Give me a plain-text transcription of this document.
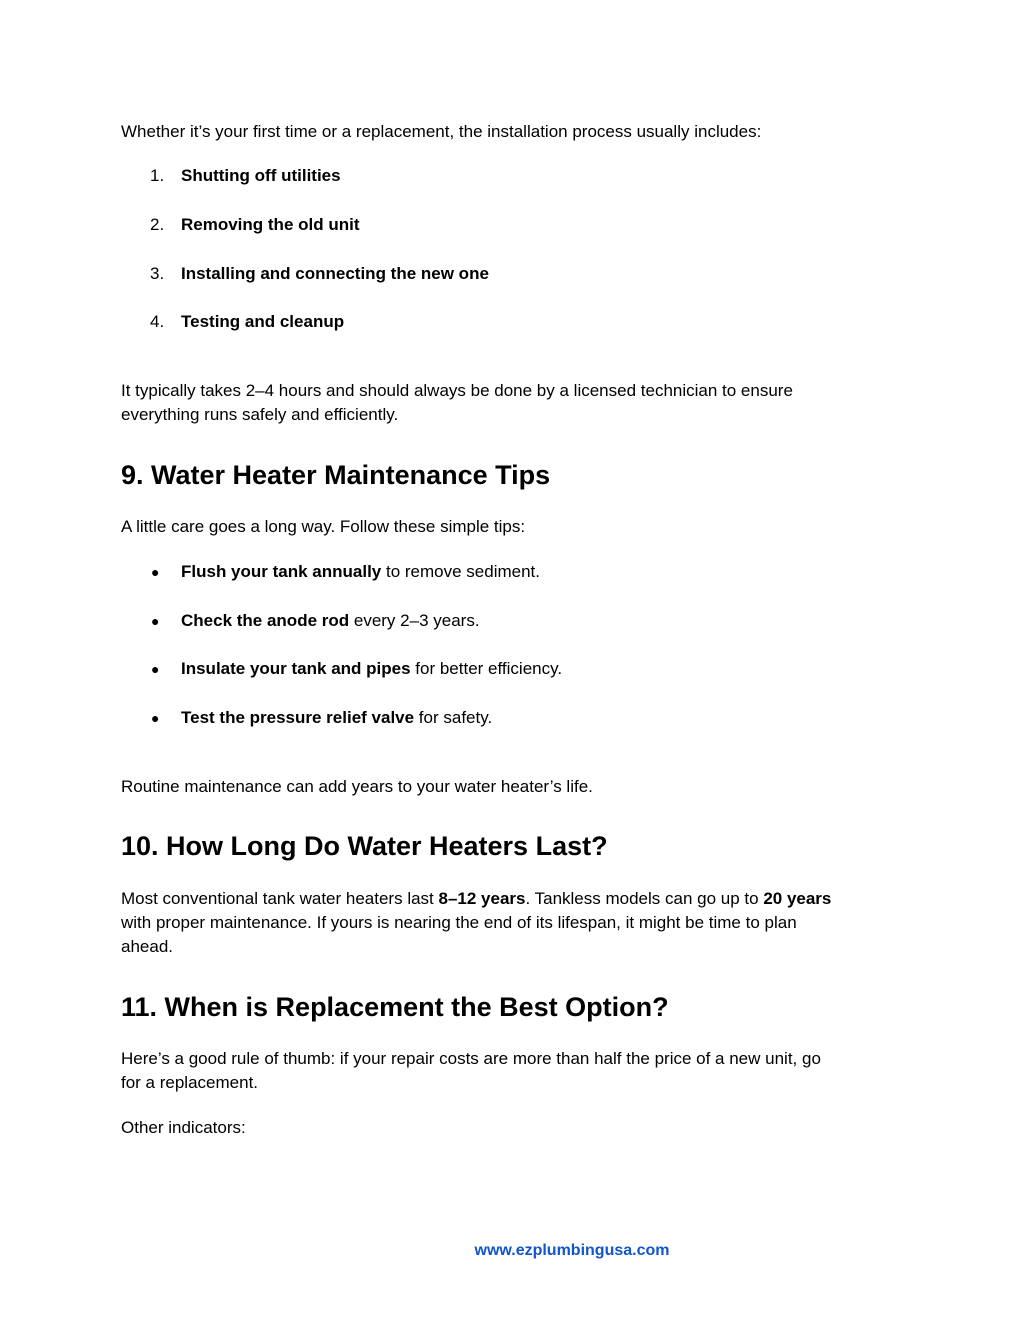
Whether it’s your first time or a replacement, the installation process usually includes:

1. Shutting off utilities
2. Removing the old unit
3. Installing and connecting the new one
4. Testing and cleanup

It typically takes 2–4 hours and should always be done by a licensed technician to ensure
everything runs safely and efficiently.

9. Water Heater Maintenance Tips

A little care goes a long way. Follow these simple tips:

●	Flush your tank annually to remove sediment.
●	Check the anode rod every 2–3 years.
●	Insulate your tank and pipes for better efficiency.
●	Test the pressure relief valve for safety.

Routine maintenance can add years to your water heater’s life.

10. How Long Do Water Heaters Last?

Most conventional tank water heaters last 8–12 years. Tankless models can go up to 20 years
with proper maintenance. If yours is nearing the end of its lifespan, it might be time to plan
ahead.

11. When is Replacement the Best Option?

Here’s a good rule of thumb: if your repair costs are more than half the price of a new unit, go
for a replacement.

Other indicators:

www.ezplumbingusa.com
